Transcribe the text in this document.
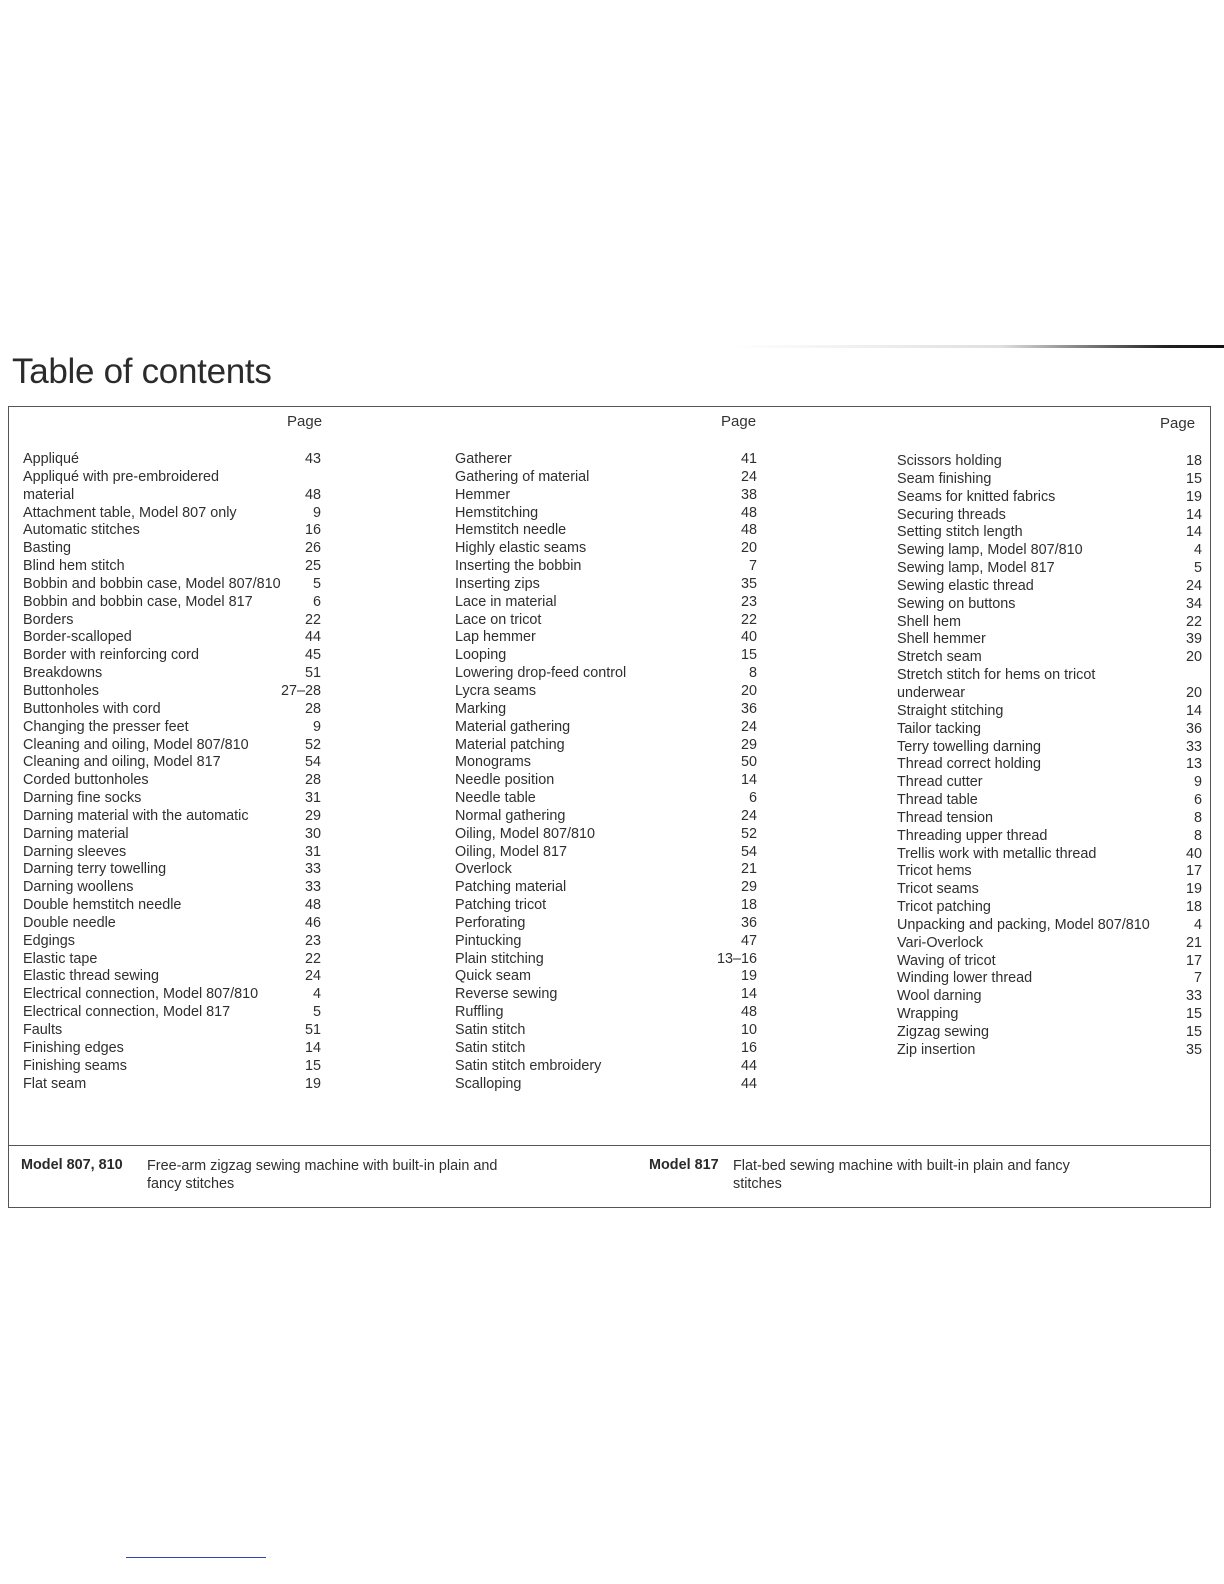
Table of contents
Page	Page	Page
Appliqué	43
Appliqué with pre-embroidered
material	48
Attachment table, Model 807 only	9
Automatic stitches	16
Basting	26
Blind hem stitch	25
Bobbin and bobbin case, Model 807/810 5
Bobbin and bobbin case, Model 817	6
Borders	22
Border-scalloped	44
Border with reinforcing cord	45
Breakdowns	51
Buttonholes	27–28
Buttonholes with cord	28
Changing the presser feet	9
Cleaning and oiling, Model 807/810	52
Cleaning and oiling, Model 817	54
Corded buttonholes	28
Darning fine socks	31
Darning material with the automatic	29
Darning material	30
Darning sleeves	31
Darning terry towelling	33
Darning woollens	33
Double hemstitch needle	48
Double needle	46
Edgings	23
Elastic tape	22
Elastic thread sewing	24
Electrical connection, Model 807/810	4
Electrical connection, Model 817	5
Faults	51
Finishing edges	14
Finishing seams	15
Flat seam	19
Gatherer	41
Gathering of material	24
Hemmer	38
Hemstitching	48
Hemstitch needle	48
Highly elastic seams	20
Inserting the bobbin	7
Inserting zips	35
Lace in material	23
Lace on tricot	22
Lap hemmer	40
Looping	15
Lowering drop-feed control	8
Lycra seams	20
Marking	36
Material gathering	24
Material patching	29
Monograms	50
Needle position	14
Needle table	6
Normal gathering	24
Oiling, Model 807/810	52
Oiling, Model 817	54
Overlock	21
Patching material	29
Patching tricot	18
Perforating	36
Pintucking	47
Plain stitching	13–16
Quick seam	19
Reverse sewing	14
Ruffling	48
Satin stitch	10
Satin stitch	16
Satin stitch embroidery	44
Scalloping	44
Scissors holding	18
Seam finishing	15
Seams for knitted fabrics	19
Securing threads	14
Setting stitch length	14
Sewing lamp, Model 807/810	4
Sewing lamp, Model 817	5
Sewing elastic thread	24
Sewing on buttons	34
Shell hem	22
Shell hemmer	39
Stretch seam	20
Stretch stitch for hems on tricot
underwear	20
Straight stitching	14
Tailor tacking	36
Terry towelling darning	33
Thread correct holding	13
Thread cutter	9
Thread table	6
Thread tension	8
Threading upper thread	8
Trellis work with metallic thread	40
Tricot hems	17
Tricot seams	19
Tricot patching	18
Unpacking and packing, Model 807/810	4
Vari-Overlock	21
Waving of tricot	17
Winding lower thread	7
Wool darning	33
Wrapping	15
Zigzag sewing	15
Zip insertion	35
Model 807, 810 Free-arm zigzag sewing machine with built-in plain and fancy stitches
Model 817 Flat-bed sewing machine with built-in plain and fancy stitches
